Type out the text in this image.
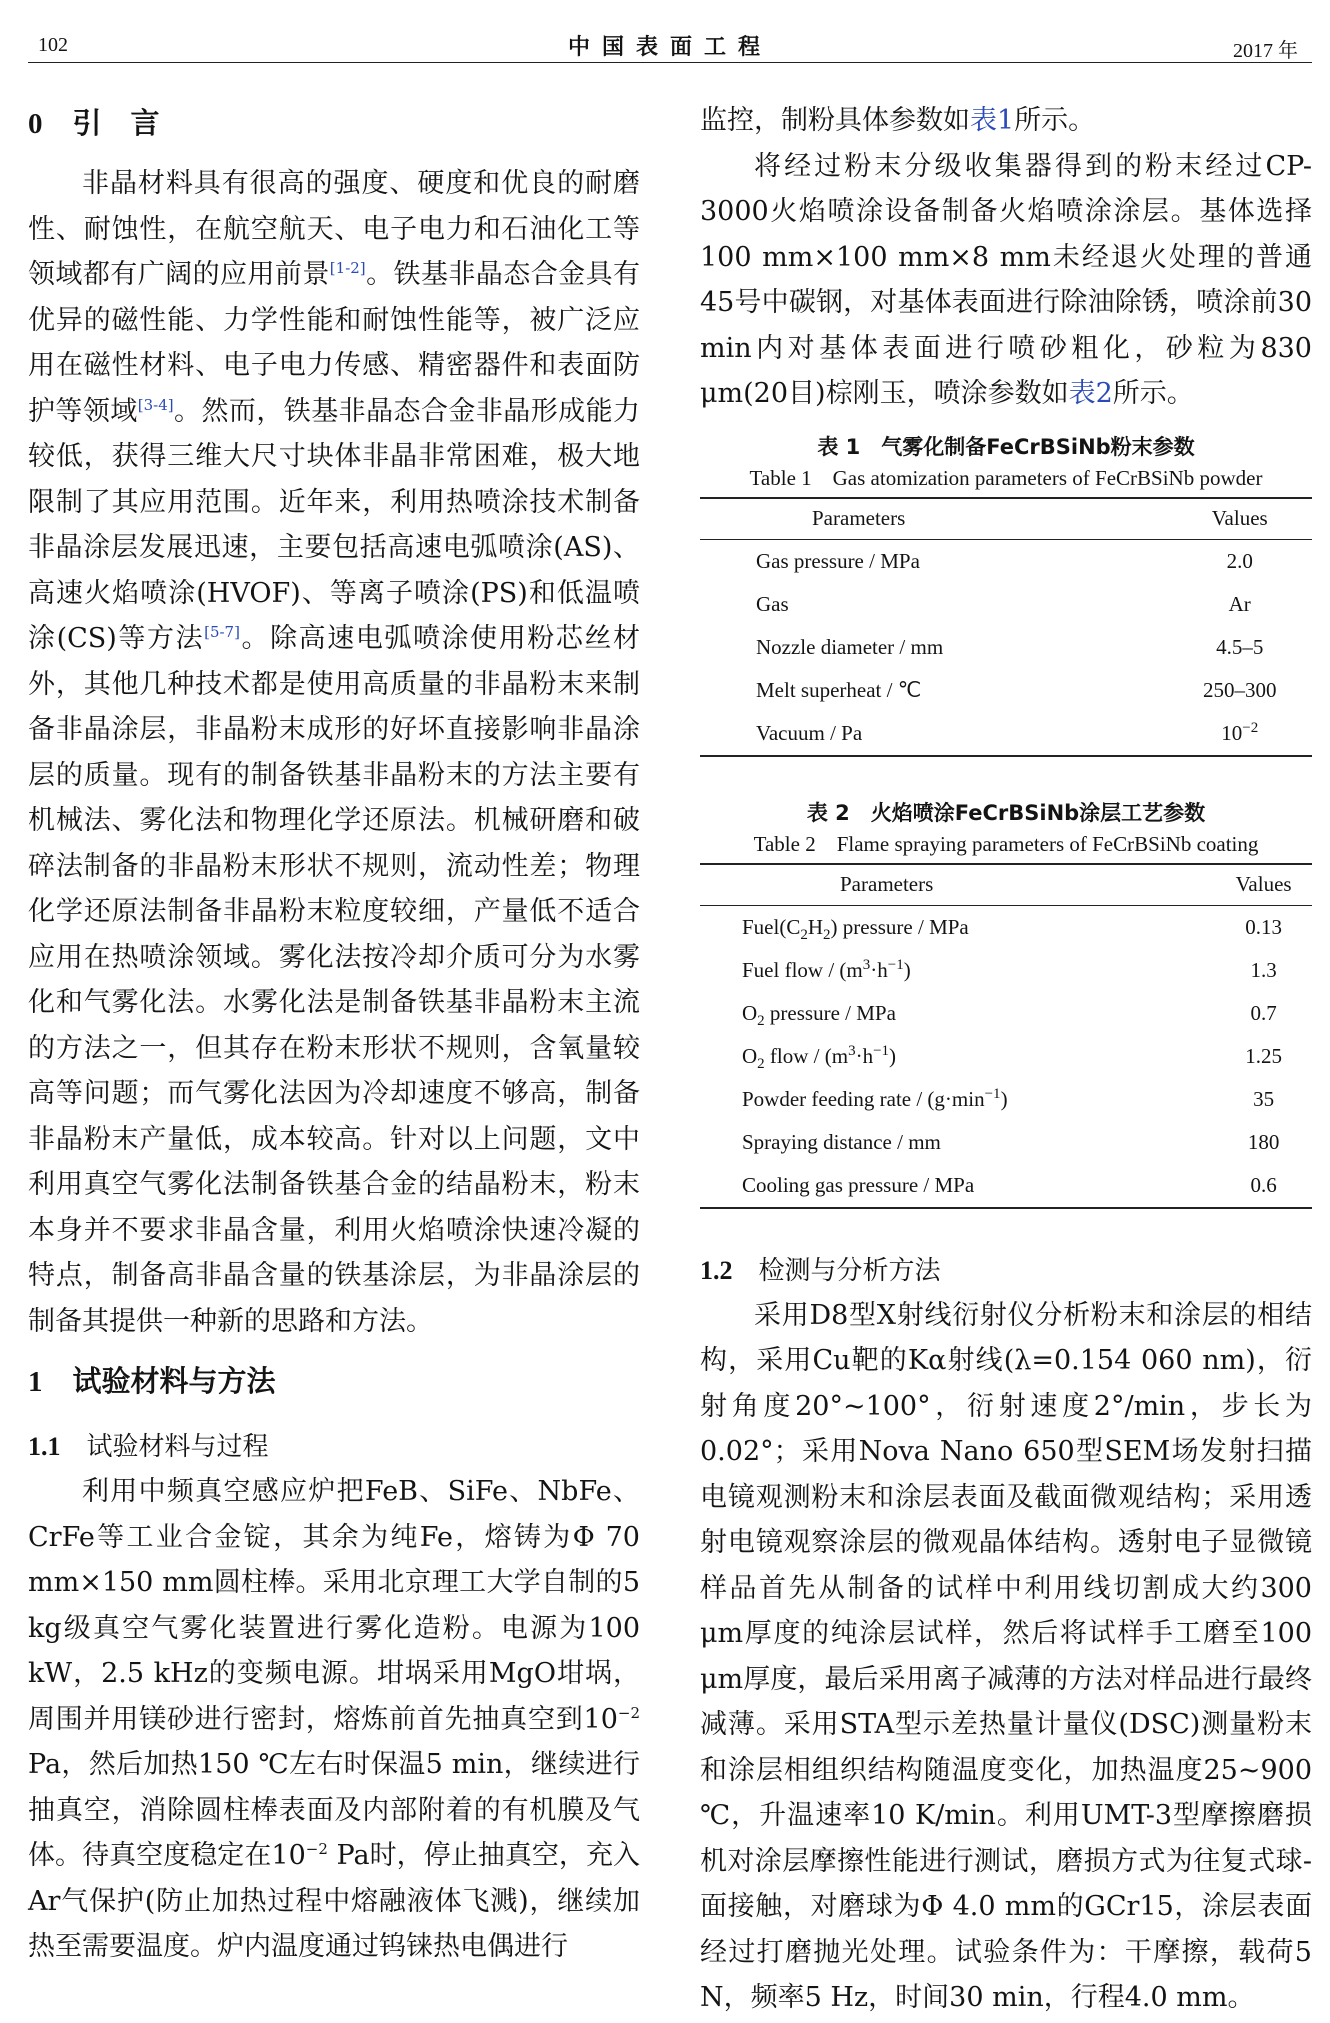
102	中国表面工程	2017 年
0 引　言

非晶材料具有很高的强度、硬度和优良的耐磨性、耐蚀性，在航空航天、电子电力和石油化工等领域都有广阔的应用前景[1-2]。铁基非晶态合金具有优异的磁性能、力学性能和耐蚀性能等，被广泛应用在磁性材料、电子电力传感、精密器件和表面防护等领域[3-4]。然而，铁基非晶态合金非晶形成能力较低，获得三维大尺寸块体非晶非常困难，极大地限制了其应用范围。近年来，利用热喷涂技术制备非晶涂层发展迅速，主要包括高速电弧喷涂(AS)、高速火焰喷涂(HVOF)、等离子喷涂(PS)和低温喷涂(CS)等方法[5-7]。除高速电弧喷涂使用粉芯丝材外，其他几种技术都是使用高质量的非晶粉末来制备非晶涂层，非晶粉末成形的好坏直接影响非晶涂层的质量。现有的制备铁基非晶粉末的方法主要有机械法、雾化法和物理化学还原法。机械研磨和破碎法制备的非晶粉末形状不规则，流动性差；物理化学还原法制备非晶粉末粒度较细，产量低不适合应用在热喷涂领域。雾化法按冷却介质可分为水雾化和气雾化法。水雾化法是制备铁基非晶粉末主流的方法之一，但其存在粉末形状不规则，含氧量较高等问题；而气雾化法因为冷却速度不够高，制备非晶粉末产量低，成本较高。针对以上问题，文中利用真空气雾化法制备铁基合金的结晶粉末，粉末本身并不要求非晶含量，利用火焰喷涂快速冷凝的特点，制备高非晶含量的铁基涂层，为非晶涂层的制备其提供一种新的思路和方法。

1 试验材料与方法
1.1 试验材料与过程

利用中频真空感应炉把FeB、SiFe、NbFe、CrFe等工业合金锭，其余为纯Fe，熔铸为Φ 70 mm×150 mm圆柱棒。采用北京理工大学自制的5 kg级真空气雾化装置进行雾化造粉。电源为100 kW，2.5 kHz的变频电源。坩埚采用MgO坩埚，周围并用镁砂进行密封，熔炼前首先抽真空到$10^{-2}$ Pa，然后加热150 ℃左右时保温5 min，继续进行抽真空，消除圆柱棒表面及内部附着的有机膜及气体。待真空度稳定在$10^{-2}$ Pa时，停止抽真空，充入Ar气保护(防止加热过程中熔融液体飞溅)，继续加热至需要温度。炉内温度通过钨铼热电偶进行

监控，制粉具体参数如表1所示。

将经过粉末分级收集器得到的粉末经过CP-3000火焰喷涂设备制备火焰喷涂涂层。基体选择100 mm×100 mm×8 mm未经退火处理的普通45号中碳钢，对基体表面进行除油除锈，喷涂前30 min内对基体表面进行喷砂粗化，砂粒为830 μm(20目)棕刚玉，喷涂参数如表2所示。

表 1　气雾化制备FeCrBSiNb粉末参数

Table 1　Gas atomization parameters of FeCrBSiNb powder

Parameters	Values
Gas pressure / MPa	2.0
Gas	Ar
Nozzle diameter / mm	4.5–5
Melt superheat / ℃	250–300
Vacuum / Pa	$10^{-2}$

表 2　火焰喷涂FeCrBSiNb涂层工艺参数

Table 2　Flame spraying parameters of FeCrBSiNb coating

Parameters	Values
$Fuel(C_2H_2)$ pressure / MPa	0.13
Fuel flow / $(m^3\cdot h^{-1})$	1.3
$O_2$ pressure / MPa	0.7
$O_2$ flow / $(m^3\cdot h^{-1})$	1.25
Powder feeding rate / $(g\cdot\min^{-1})$	35
Spraying distance / mm	180
Cooling gas pressure / MPa	0.6
1.2 检测与分析方法

采用D8型X射线衍射仪分析粉末和涂层的相结构，采用Cu靶的Kα射线(λ=0.154 060 nm)，衍射角度20°~100°，衍射速度2°/min，步长为0.02°；采用Nova Nano 650型SEM场发射扫描电镜观测粉末和涂层表面及截面微观结构；采用透射电镜观察涂层的微观晶体结构。透射电子显微镜样品首先从制备的试样中利用线切割成大约300 μm厚度的纯涂层试样，然后将试样手工磨至100 μm厚度，最后采用离子减薄的方法对样品进行最终减薄。采用STA型示差热量计量仪(DSC)测量粉末和涂层相组织结构随温度变化，加热温度25~900 ℃，升温速率10 K/min。利用UMT-3型摩擦磨损机对涂层摩擦性能进行测试，磨损方式为往复式球-面接触，对磨球为Φ 4.0 mm的GCr15，涂层表面经过打磨抛光处理。试验条件为：干摩擦，载荷5 N，频率5 Hz，时间30 min，行程4.0 mm。
